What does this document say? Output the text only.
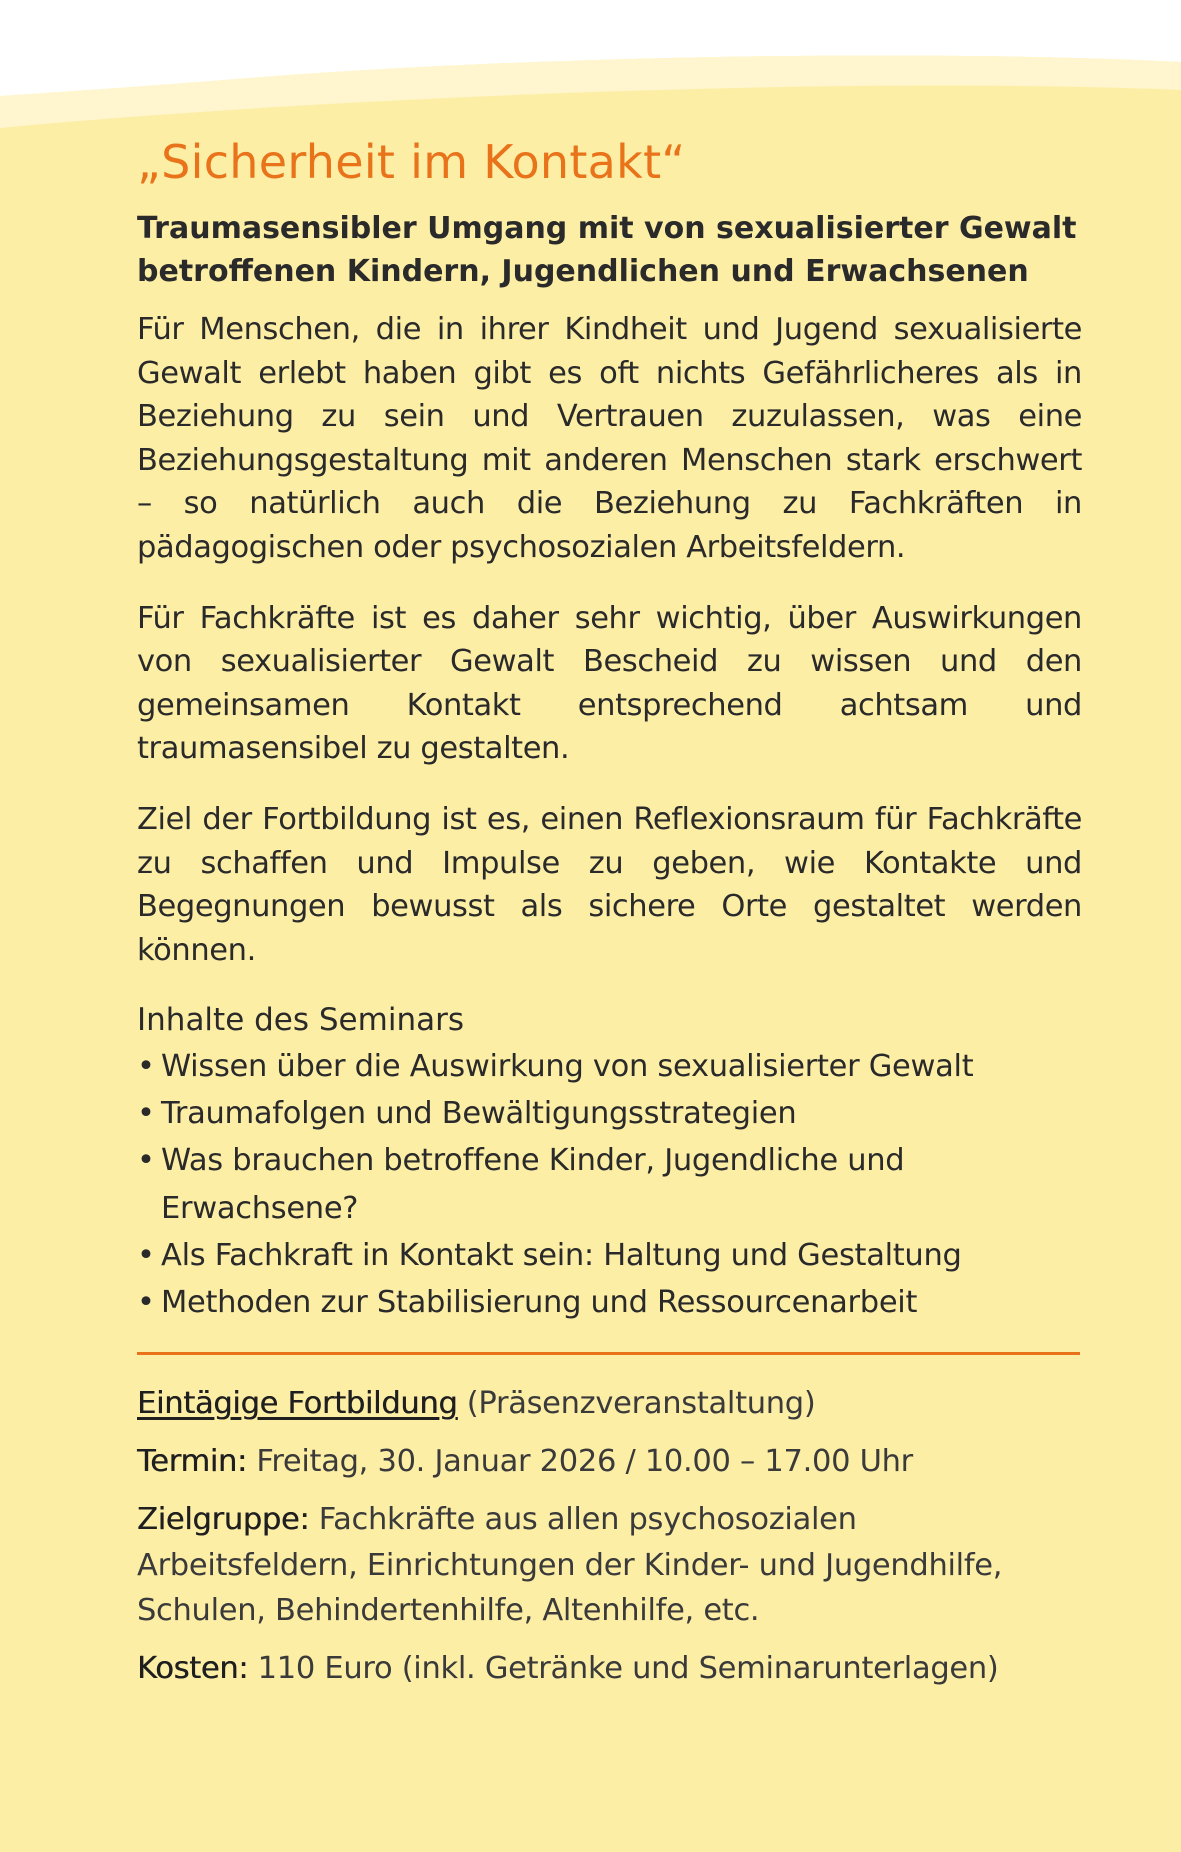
„Sicherheit im Kontakt“
Traumasensibler Umgang mit von sexualisierter Gewalt
betroffenen Kindern, Jugendlichen und Erwachsenen

Für Menschen, die in ihrer Kindheit und Jugend sexualisierte Gewalt erlebt haben gibt es oft nichts Gefährlicheres als in Beziehung zu sein und Vertrauen zuzulassen, was eine Beziehungsgestaltung mit anderen Menschen stark erschwert – so natürlich auch die Beziehung zu Fachkräften in pädagogischen oder psychosozialen Arbeitsfeldern.

Für Fachkräfte ist es daher sehr wichtig, über Auswirkungen von sexualisierter Gewalt Bescheid zu wissen und den gemeinsamen Kontakt entsprechend achtsam und traumasensibel zu gestalten.

Ziel der Fortbildung ist es, einen Reflexionsraum für Fachkräfte zu schaffen und Impulse zu geben, wie Kontakte und Begegnungen bewusst als sichere Orte gestaltet werden können.

Inhalte des Seminars
• Wissen über die Auswirkung von sexualisierter Gewalt
• Traumafolgen und Bewältigungsstrategien
• Was brauchen betroffene Kinder, Jugendliche und Erwachsene?
• Als Fachkraft in Kontakt sein: Haltung und Gestaltung
• Methoden zur Stabilisierung und Ressourcenarbeit
Eintägige Fortbildung (Präsenzveranstaltung)
Termin: Freitag, 30. Januar 2026 / 10.00 – 17.00 Uhr
Zielgruppe: Fachkräfte aus allen psychosozialen Arbeitsfeldern, Einrichtungen der Kinder- und Jugendhilfe, Schulen, Behindertenhilfe, Altenhilfe, etc.
Kosten: 110 Euro (inkl. Getränke und Seminarunterlagen)
